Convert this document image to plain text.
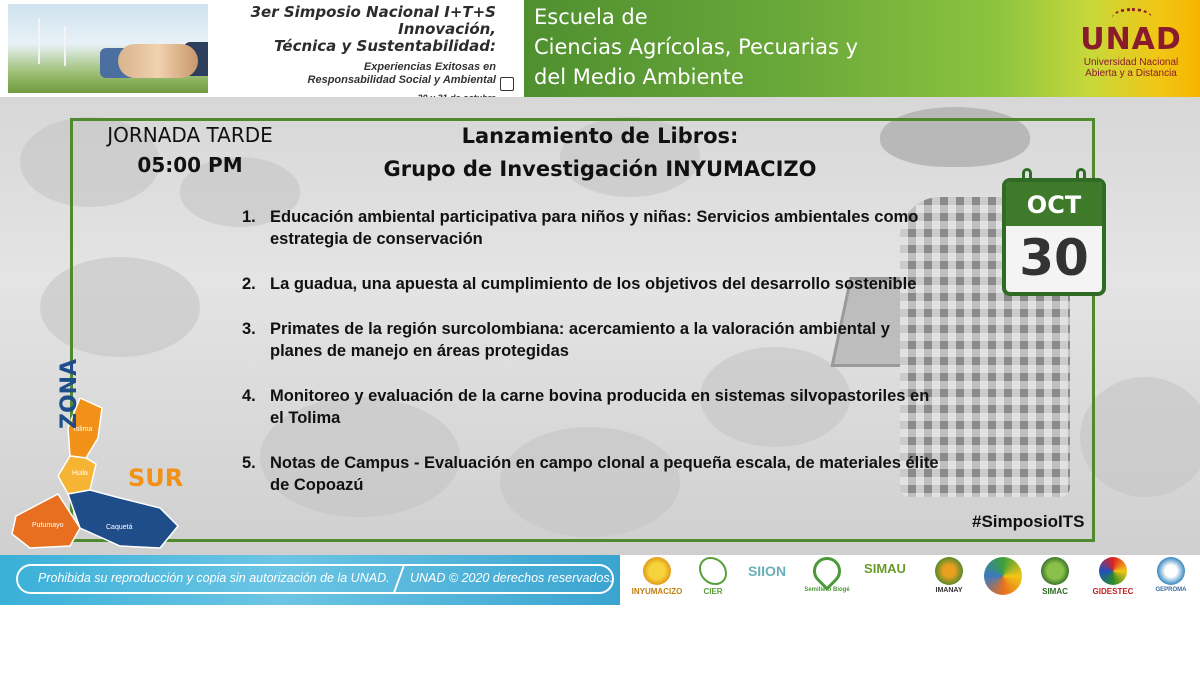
3er Simposio Nacional I+T+S Innovación,
Técnica y Sustentabilidad:
Experiencias Exitosas en
Responsabilidad Social y Ambiental
Escuela de
Ciencias Agrícolas, Pecuarias y
del Medio Ambiente
UNAD
Universidad Nacional
Abierta y a Distancia
JORNADA TARDE
05:00 PM
Lanzamiento de Libros:
Grupo de Investigación INYUMACIZO
1. Educación ambiental participativa para niños y niñas: Servicios ambientales como estrategia de conservación
2. La guadua, una apuesta al cumplimiento de los objetivos del desarrollo sostenible
3. Primates de la región surcolombiana: acercamiento a la valoración ambiental y planes de manejo en áreas protegidas
4. Monitoreo y evaluación de la carne bovina producida en sistemas silvopastoriles en el Tolima
5. Notas de Campus - Evaluación en campo clonal a pequeña escala, de materiales élite de Copoazú
OCT
30
Tolima
Huila
Putumayo	Caquetá
ZONA
SUR
#SimposioITS
Prohibida su reproducción y copia sin autorización de la UNAD. UNAD © 2020 derechos reservados.
INYUMACIZO	CIER
SIION
Semillero Biogé
SIMAU
IMANAY	SIMAC	GIDESTEC	GEPROMA
